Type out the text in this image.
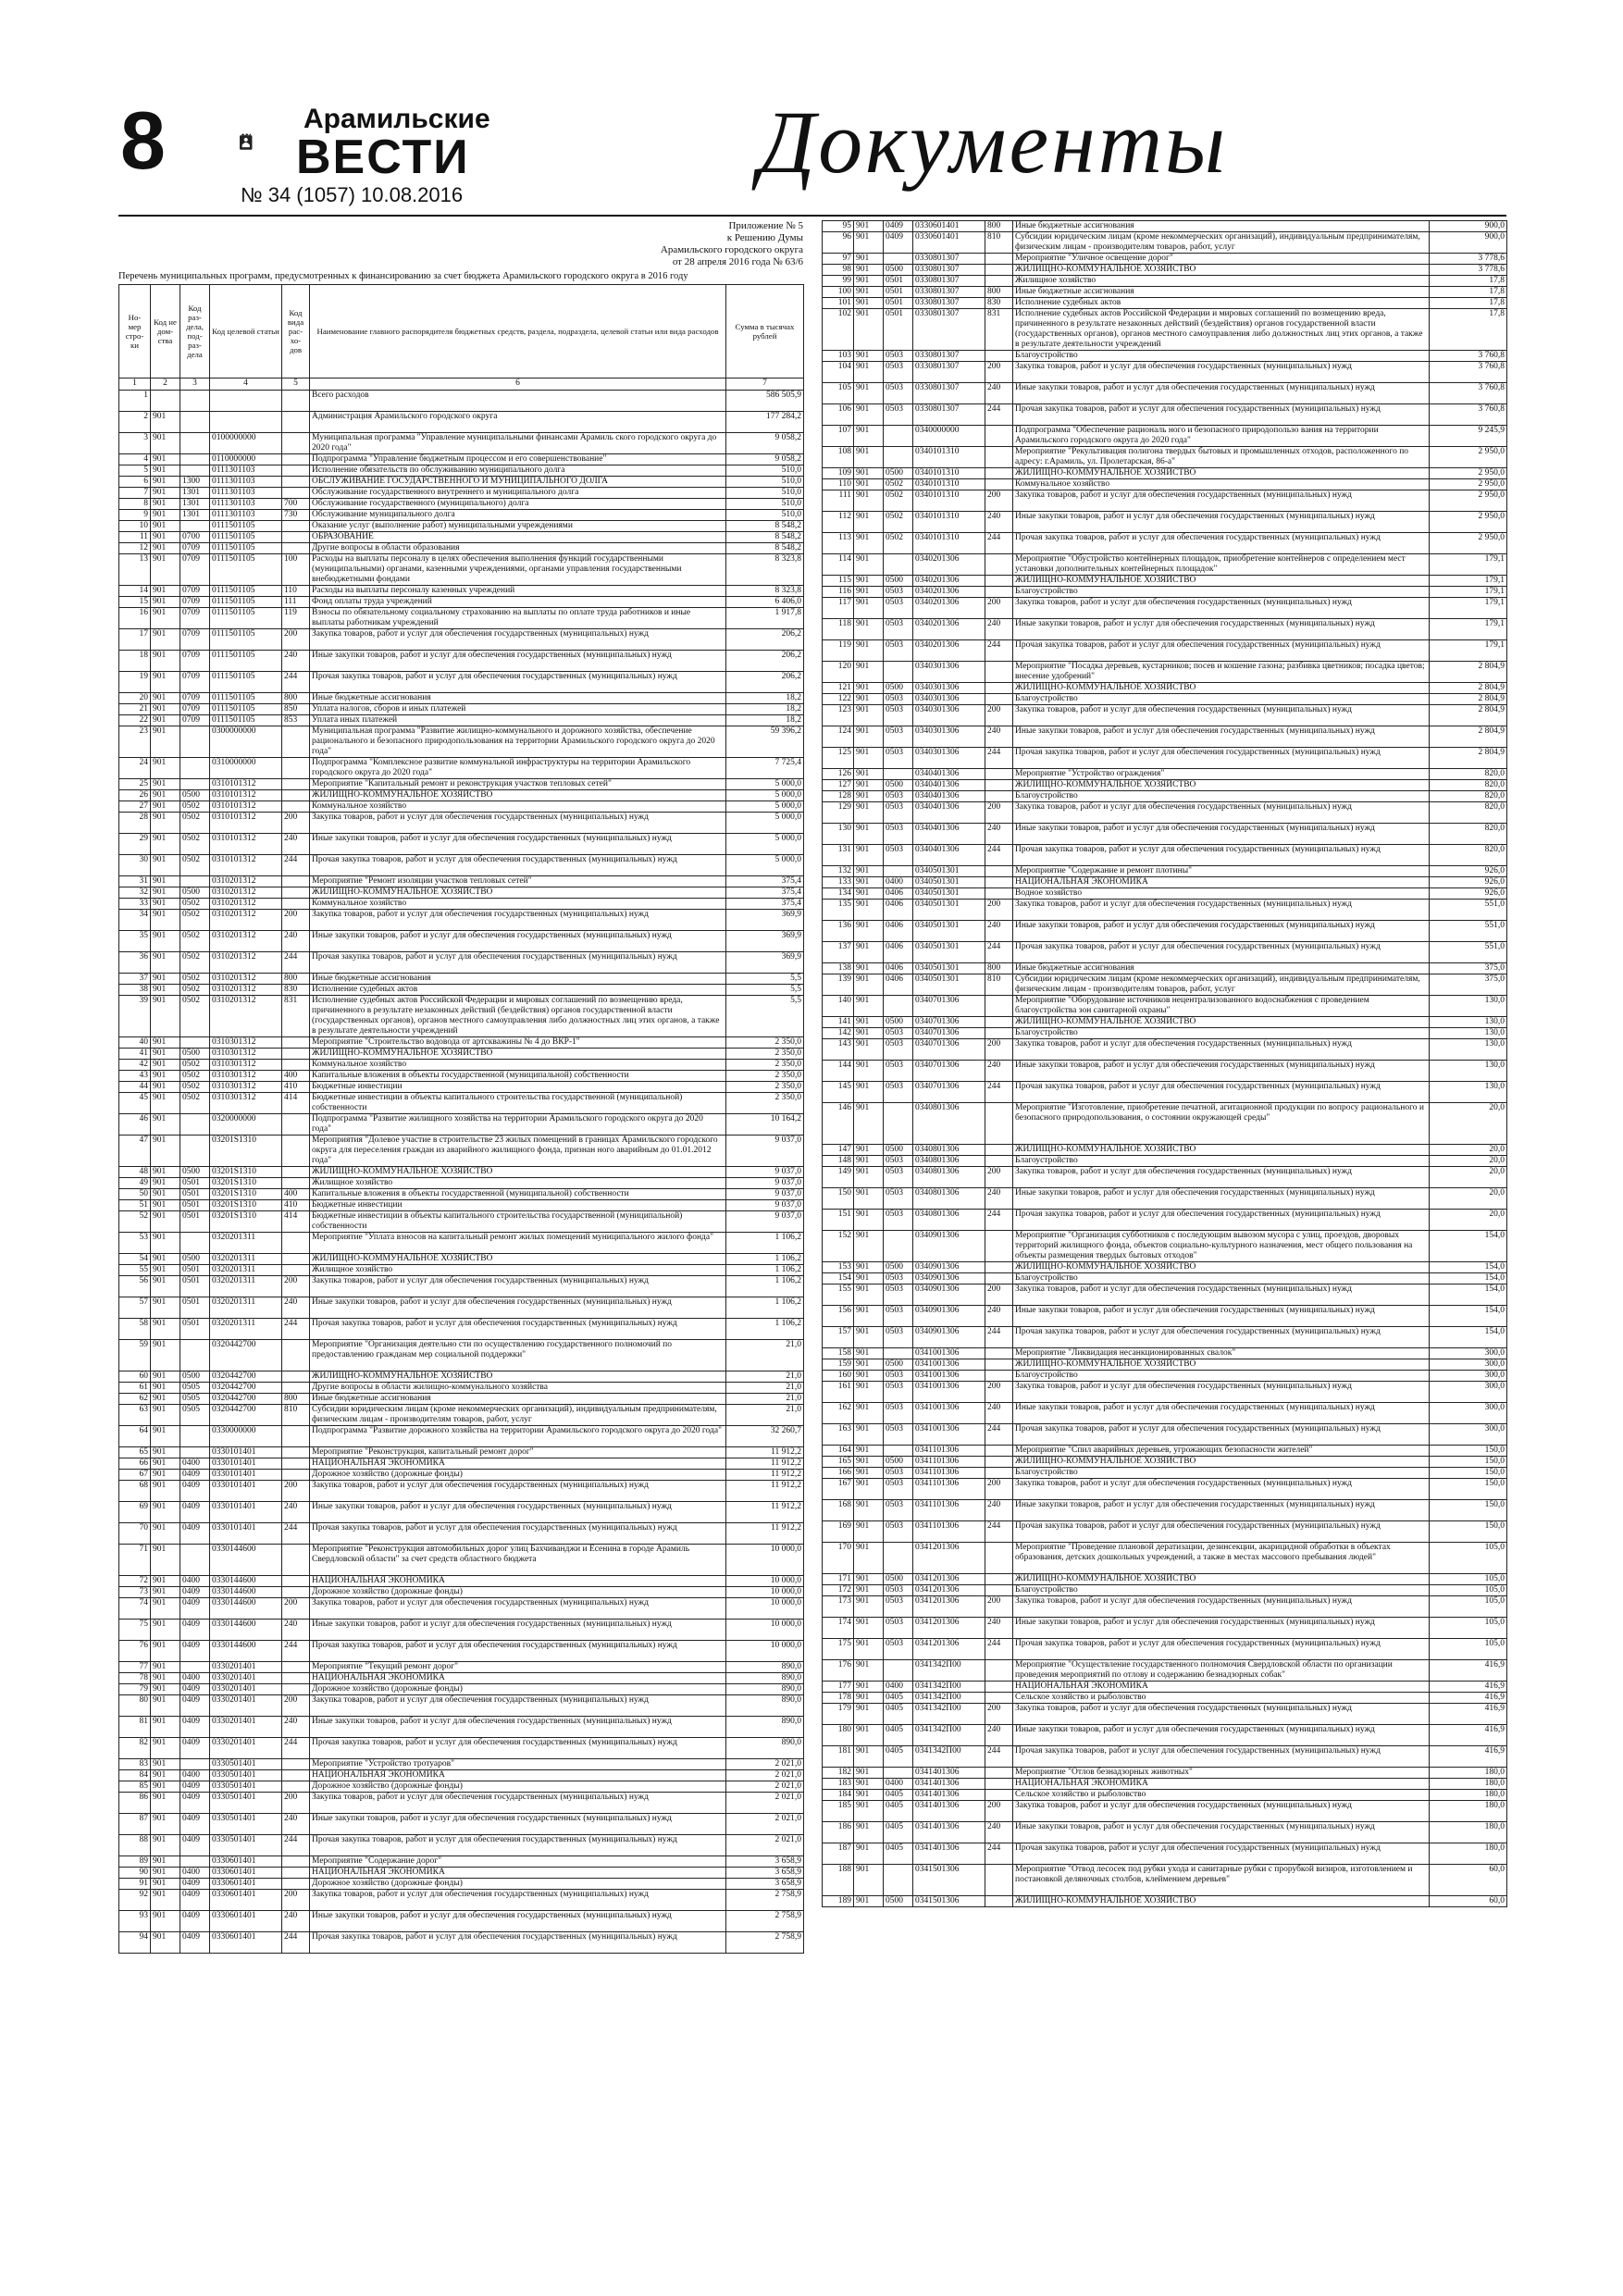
8	Арамильские
ВЕСТИ
№ 34 (1057) 10.08.2016
Документы
Приложение № 5
к Решению Думы
Арамильского городского округа
от 28 апреля 2016 года № 63/6
Перечень муниципальных программ, предусмотренных к финансированию за счет бюджета Арамильского городского округа в 2016 году
Но- мер стро- ки	Код не дом- ства	Код раз- дела, под- раз- дела	Код целевой статьи	Код вида рас- хо- дов	Наименование главного распорядителя бюджетных средств, раздела, подраздела, целевой статьи или вида расходов	Сумма в тысячах рублей
1	2	3	4	5	6	7
1					Всего расходов	586 505,9
2	901				Администрация Арамильского городского округа	177 284,2
3	901		0100000000		Муниципальная программа "Управление муниципальными финансами Арамиль ского городского округа до 2020 года"	9 058,2
4	901		0110000000		Подпрограмма "Управление бюджетным процессом и его совершенствование"	9 058,2
5	901		0111301103		Исполнение обязательств по обслуживанию муниципального долга	510,0
6	901	1300	0111301103		ОБСЛУЖИВАНИЕ ГОСУДАРСТВЕННОГО И МУНИЦИПАЛЬНОГО ДОЛГА	510,0
7	901	1301	0111301103		Обслуживание государственного внутреннего и муниципального долга	510,0
8	901	1301	0111301103	700	Обслуживание государственного (муниципального) долга	510,0
9	901	1301	0111301103	730	Обслуживание муниципального долга	510,0
10	901		0111501105		Оказание услуг (выполнение работ) муниципальными учреждениями	8 548,2
11	901	0700	0111501105		ОБРАЗОВАНИЕ	8 548,2
12	901	0709	0111501105		Другие вопросы в области образования	8 548,2
13	901	0709	0111501105	100	Расходы на выплаты персоналу в целях обеспечения выполнения функций государственными (муниципальными) органами, казенными учреждениями, органами управления государственными внебюджетными фондами	8 323,8
14	901	0709	0111501105	110	Расходы на выплаты персоналу казенных учреждений	8 323,8
15	901	0709	0111501105	111	Фонд оплаты труда учреждений	6 406,0
16	901	0709	0111501105	119	Взносы по обязательному социальному страхованию на выплаты по оплате труда работников и иные выплаты работникам учреждений	1 917,8
17	901	0709	0111501105	200	Закупка товаров, работ и услуг для обеспечения государственных (муниципальных) нужд	206,2
18	901	0709	0111501105	240	Иные закупки товаров, работ и услуг для обеспечения государственных (муниципальных) нужд	206,2
19	901	0709	0111501105	244	Прочая закупка товаров, работ и услуг для обеспечения государственных (муниципальных) нужд	206,2
20	901	0709	0111501105	800	Иные бюджетные ассигнования	18,2
21	901	0709	0111501105	850	Уплата налогов, сборов и иных платежей	18,2
22	901	0709	0111501105	853	Уплата иных платежей	18,2
23	901		0300000000		Муниципальная программа "Развитие жилищно-коммунального и дорожного хозяйства, обеспечение рационального и безопасного природопользования на территории Арамильского городского округа до 2020 года"	59 396,2
24	901		0310000000		Подпрограмма "Комплексное развитие коммунальной инфраструктуры на территории Арамильского городского округа до 2020 года"	7 725,4
25	901		0310101312		Мероприятие "Капитальный ремонт и реконструкция участков тепловых сетей"	5 000,0
26	901	0500	0310101312		ЖИЛИЩНО-КОММУНАЛЬНОЕ ХОЗЯЙСТВО	5 000,0
27	901	0502	0310101312		Коммунальное хозяйство	5 000,0
28	901	0502	0310101312	200	Закупка товаров, работ и услуг для обеспечения государственных (муниципальных) нужд	5 000,0
29	901	0502	0310101312	240	Иные закупки товаров, работ и услуг для обеспечения государственных (муниципальных) нужд	5 000,0
30	901	0502	0310101312	244	Прочая закупка товаров, работ и услуг для обеспечения государственных (муниципальных) нужд	5 000,0
31	901		0310201312		Мероприятие "Ремонт изоляции участков тепловых сетей"	375,4
32	901	0500	0310201312		ЖИЛИЩНО-КОММУНАЛЬНОЕ ХОЗЯЙСТВО	375,4
33	901	0502	0310201312		Коммунальное хозяйство	375,4
34	901	0502	0310201312	200	Закупка товаров, работ и услуг для обеспечения государственных (муниципальных) нужд	369,9
35	901	0502	0310201312	240	Иные закупки товаров, работ и услуг для обеспечения государственных (муниципальных) нужд	369,9
36	901	0502	0310201312	244	Прочая закупка товаров, работ и услуг для обеспечения государственных (муниципальных) нужд	369,9
37	901	0502	0310201312	800	Иные бюджетные ассигнования	5,5
38	901	0502	0310201312	830	Исполнение судебных актов	5,5
39	901	0502	0310201312	831	Исполнение судебных актов Российской Федерации и мировых соглашений по возмещению вреда, причиненного в результате незаконных действий (бездействия) органов государственной власти (государственных органов), органов местного самоуправления либо должностных лиц этих органов, а также в результате деятельности учреждений	5,5
40	901		0310301312		Мероприятие "Строительство водовода от артскважины № 4 до ВКР-1"	2 350,0
41	901	0500	0310301312		ЖИЛИЩНО-КОММУНАЛЬНОЕ ХОЗЯЙСТВО	2 350,0
42	901	0502	0310301312		Коммунальное хозяйство	2 350,0
43	901	0502	0310301312	400	Капитальные вложения в объекты государственной (муниципальной) собственности	2 350,0
44	901	0502	0310301312	410	Бюджетные инвестиции	2 350,0
45	901	0502	0310301312	414	Бюджетные инвестиции в объекты капитального строительства государственной (муниципальной) собственности	2 350,0
46	901		0320000000		Подпрограмма "Развитие жилищного хозяйства на территории Арамильского городского округа до 2020 года"	10 164,2
47	901		03201S1310		Мероприятия "Долевое участие в строительстве 23 жилых помещений в границах Арамильского городского округа для переселения граждан из аварийного жилищного фонда, признан ного аварийным до 01.01.2012 года"	9 037,0
48	901	0500	03201S1310		ЖИЛИЩНО-КОММУНАЛЬНОЕ ХОЗЯЙСТВО	9 037,0
49	901	0501	03201S1310		Жилищное хозяйство	9 037,0
50	901	0501	03201S1310	400	Капитальные вложения в объекты государственной (муниципальной) собственности	9 037,0
51	901	0501	03201S1310	410	Бюджетные инвестиции	9 037,0
52	901	0501	03201S1310	414	Бюджетные инвестиции в объекты капитального строительства государственной (муниципальной) собственности	9 037,0
53	901		0320201311		Мероприятие "Уплата взносов на капитальный ремонт жилых помещений муниципального жилого фонда"	1 106,2
54	901	0500	0320201311		ЖИЛИЩНО-КОММУНАЛЬНОЕ ХОЗЯЙСТВО	1 106,2
55	901	0501	0320201311		Жилищное хозяйство	1 106,2
56	901	0501	0320201311	200	Закупка товаров, работ и услуг для обеспечения государственных (муниципальных) нужд	1 106,2
57	901	0501	0320201311	240	Иные закупки товаров, работ и услуг для обеспечения государственных (муниципальных) нужд	1 106,2
58	901	0501	0320201311	244	Прочая закупка товаров, работ и услуг для обеспечения государственных (муниципальных) нужд	1 106,2
59	901		0320442700		Мероприятие "Организация деятельно сти по осуществлению государственного полномочий по предоставлению гражданам мер социальной поддержки"	21,0
60	901	0500	0320442700		ЖИЛИЩНО-КОММУНАЛЬНОЕ ХОЗЯЙСТВО	21,0
61	901	0505	0320442700		Другие вопросы в области жилищно-коммунального хозяйства	21,0
62	901	0505	0320442700	800	Иные бюджетные ассигнования	21,0
63	901	0505	0320442700	810	Субсидии юридическим лицам (кроме некоммерческих организаций), индивидуальным предпринимателям, физическим лицам - производителям товаров, работ, услуг	21,0
64	901		0330000000		Подпрограмма "Развитие дорожного хозяйства на территории Арамильского городского округа до 2020 года"	32 260,7
65	901		0330101401		Мероприятие "Реконструкция, капитальный ремонт дорог"	11 912,2
66	901	0400	0330101401		НАЦИОНАЛЬНАЯ ЭКОНОМИКА	11 912,2
67	901	0409	0330101401		Дорожное хозяйство (дорожные фонды)	11 912,2
68	901	0409	0330101401	200	Закупка товаров, работ и услуг для обеспечения государственных (муниципальных) нужд	11 912,2
69	901	0409	0330101401	240	Иные закупки товаров, работ и услуг для обеспечения государственных (муниципальных) нужд	11 912,2
70	901	0409	0330101401	244	Прочая закупка товаров, работ и услуг для обеспечения государственных (муниципальных) нужд	11 912,2
71	901		0330144600		Мероприятие "Реконструкция автомобильных дорог улиц Бахчиванджи и Есенина в городе Арамиль Свердловской области" за счет средств областного бюджета	10 000,0
72	901	0400	0330144600		НАЦИОНАЛЬНАЯ ЭКОНОМИКА	10 000,0
73	901	0409	0330144600		Дорожное хозяйство (дорожные фонды)	10 000,0
74	901	0409	0330144600	200	Закупка товаров, работ и услуг для обеспечения государственных (муниципальных) нужд	10 000,0
75	901	0409	0330144600	240	Иные закупки товаров, работ и услуг для обеспечения государственных (муниципальных) нужд	10 000,0
76	901	0409	0330144600	244	Прочая закупка товаров, работ и услуг для обеспечения государственных (муниципальных) нужд	10 000,0
77	901		0330201401		Мероприятие "Текущий ремонт дорог"	890,0
78	901	0400	0330201401		НАЦИОНАЛЬНАЯ ЭКОНОМИКА	890,0
79	901	0409	0330201401		Дорожное хозяйство (дорожные фонды)	890,0
80	901	0409	0330201401	200	Закупка товаров, работ и услуг для обеспечения государственных (муниципальных) нужд	890,0
81	901	0409	0330201401	240	Иные закупки товаров, работ и услуг для обеспечения государственных (муниципальных) нужд	890,0
82	901	0409	0330201401	244	Прочая закупка товаров, работ и услуг для обеспечения государственных (муниципальных) нужд	890,0
83	901		0330501401		Мероприятие "Устройство тротуаров"	2 021,0
84	901	0400	0330501401		НАЦИОНАЛЬНАЯ ЭКОНОМИКА	2 021,0
85	901	0409	0330501401		Дорожное хозяйство (дорожные фонды)	2 021,0
86	901	0409	0330501401	200	Закупка товаров, работ и услуг для обеспечения государственных (муниципальных) нужд	2 021,0
87	901	0409	0330501401	240	Иные закупки товаров, работ и услуг для обеспечения государственных (муниципальных) нужд	2 021,0
88	901	0409	0330501401	244	Прочая закупка товаров, работ и услуг для обеспечения государственных (муниципальных) нужд	2 021,0
89	901		0330601401		Мероприятие "Содержание дорог"	3 658,9
90	901	0400	0330601401		НАЦИОНАЛЬНАЯ ЭКОНОМИКА	3 658,9
91	901	0409	0330601401		Дорожное хозяйство (дорожные фонды)	3 658,9
92	901	0409	0330601401	200	Закупка товаров, работ и услуг для обеспечения государственных (муниципальных) нужд	2 758,9
93	901	0409	0330601401	240	Иные закупки товаров, работ и услуг для обеспечения государственных (муниципальных) нужд	2 758,9
94	901	0409	0330601401	244	Прочая закупка товаров, работ и услуг для обеспечения государственных (муниципальных) нужд	2 758,9
95	901	0409	0330601401	800	Иные бюджетные ассигнования	900,0
96	901	0409	0330601401	810	Субсидии юридическим лицам (кроме некоммерческих организаций), индивидуальным предпринимателям, физическим лицам - производителям товаров, работ, услуг	900,0
97	901		0330801307		Мероприятие "Уличное освещение дорог"	3 778,6
98	901	0500	0330801307		ЖИЛИЩНО-КОММУНАЛЬНОЕ ХОЗЯЙСТВО	3 778,6
99	901	0501	0330801307		Жилищное хозяйство	17,8
100	901	0501	0330801307	800	Иные бюджетные ассигнования	17,8
101	901	0501	0330801307	830	Исполнение судебных актов	17,8
102	901	0501	0330801307	831	Исполнение судебных актов Российской Федерации и мировых соглашений по возмещению вреда, причиненного в результате незаконных действий (бездействия) органов государственной власти (государственных органов), органов местного самоуправления либо должностных лиц этих органов, а также в результате деятельности учреждений	17,8
103	901	0503	0330801307		Благоустройство	3 760,8
104	901	0503	0330801307	200	Закупка товаров, работ и услуг для обеспечения государственных (муниципальных) нужд	3 760,8
105	901	0503	0330801307	240	Иные закупки товаров, работ и услуг для обеспечения государственных (муниципальных) нужд	3 760,8
106	901	0503	0330801307	244	Прочая закупка товаров, работ и услуг для обеспечения государственных (муниципальных) нужд	3 760,8
107	901		0340000000		Подпрограмма "Обеспечение рациональ ного и безопасного природопользо вания на территории Арамильского городского округа до 2020 года"	9 245,9
108	901		0340101310		Мероприятие "Рекультивация полигона твердых бытовых и промышленных отходов, расположенного по адресу: г.Арамиль, ул. Пролетарская, 86-а"	2 950,0
109	901	0500	0340101310		ЖИЛИЩНО-КОММУНАЛЬНОЕ ХОЗЯЙСТВО	2 950,0
110	901	0502	0340101310		Коммунальное хозяйство	2 950,0
111	901	0502	0340101310	200	Закупка товаров, работ и услуг для обеспечения государственных (муниципальных) нужд	2 950,0
112	901	0502	0340101310	240	Иные закупки товаров, работ и услуг для обеспечения государственных (муниципальных) нужд	2 950,0
113	901	0502	0340101310	244	Прочая закупка товаров, работ и услуг для обеспечения государственных (муниципальных) нужд	2 950,0
114	901		0340201306		Мероприятие "Обустройство контейнерных площадок, приобретение контейнеров с определением мест установки дополнительных контейнерных площадок"	179,1
115	901	0500	0340201306		ЖИЛИЩНО-КОММУНАЛЬНОЕ ХОЗЯЙСТВО	179,1
116	901	0503	0340201306		Благоустройство	179,1
117	901	0503	0340201306	200	Закупка товаров, работ и услуг для обеспечения государственных (муниципальных) нужд	179,1
118	901	0503	0340201306	240	Иные закупки товаров, работ и услуг для обеспечения государственных (муниципальных) нужд	179,1
119	901	0503	0340201306	244	Прочая закупка товаров, работ и услуг для обеспечения государственных (муниципальных) нужд	179,1
120	901		0340301306		Мероприятие "Посадка деревьев, кустарников; посев и кошение газона; разбивка цветников; посадка цветов; внесение удобрений"	2 804,9
121	901	0500	0340301306		ЖИЛИЩНО-КОММУНАЛЬНОЕ ХОЗЯЙСТВО	2 804,9
122	901	0503	0340301306		Благоустройство	2 804,9
123	901	0503	0340301306	200	Закупка товаров, работ и услуг для обеспечения государственных (муниципальных) нужд	2 804,9
124	901	0503	0340301306	240	Иные закупки товаров, работ и услуг для обеспечения государственных (муниципальных) нужд	2 804,9
125	901	0503	0340301306	244	Прочая закупка товаров, работ и услуг для обеспечения государственных (муниципальных) нужд	2 804,9
126	901		0340401306		Мероприятие "Устройство ограждения"	820,0
127	901	0500	0340401306		ЖИЛИЩНО-КОММУНАЛЬНОЕ ХОЗЯЙСТВО	820,0
128	901	0503	0340401306		Благоустройство	820,0
129	901	0503	0340401306	200	Закупка товаров, работ и услуг для обеспечения государственных (муниципальных) нужд	820,0
130	901	0503	0340401306	240	Иные закупки товаров, работ и услуг для обеспечения государственных (муниципальных) нужд	820,0
131	901	0503	0340401306	244	Прочая закупка товаров, работ и услуг для обеспечения государственных (муниципальных) нужд	820,0
132	901		0340501301		Мероприятие "Содержание и ремонт плотины"	926,0
133	901	0400	0340501301		НАЦИОНАЛЬНАЯ ЭКОНОМИКА	926,0
134	901	0406	0340501301		Водное хозяйство	926,0
135	901	0406	0340501301	200	Закупка товаров, работ и услуг для обеспечения государственных (муниципальных) нужд	551,0
136	901	0406	0340501301	240	Иные закупки товаров, работ и услуг для обеспечения государственных (муниципальных) нужд	551,0
137	901	0406	0340501301	244	Прочая закупка товаров, работ и услуг для обеспечения государственных (муниципальных) нужд	551,0
138	901	0406	0340501301	800	Иные бюджетные ассигнования	375,0
139	901	0406	0340501301	810	Субсидии юридическим лицам (кроме некоммерческих организаций), индивидуальным предпринимателям, физическим лицам - производителям товаров, работ, услуг	375,0
140	901		0340701306		Мероприятие "Оборудование источников нецентрализованного водоснабжения с проведением благоустройства зон санитарной охраны"	130,0
141	901	0500	0340701306		ЖИЛИЩНО-КОММУНАЛЬНОЕ ХОЗЯЙСТВО	130,0
142	901	0503	0340701306		Благоустройство	130,0
143	901	0503	0340701306	200	Закупка товаров, работ и услуг для обеспечения государственных (муниципальных) нужд	130,0
144	901	0503	0340701306	240	Иные закупки товаров, работ и услуг для обеспечения государственных (муниципальных) нужд	130,0
145	901	0503	0340701306	244	Прочая закупка товаров, работ и услуг для обеспечения государственных (муниципальных) нужд	130,0
146	901		0340801306		Мероприятие "Изготовление, приобретение печатной, агитационной продукции по вопросу рационального и безопасного природопользования, о состоянии окружающей среды"	20,0
147	901	0500	0340801306		ЖИЛИЩНО-КОММУНАЛЬНОЕ ХОЗЯЙСТВО	20,0
148	901	0503	0340801306		Благоустройство	20,0
149	901	0503	0340801306	200	Закупка товаров, работ и услуг для обеспечения государственных (муниципальных) нужд	20,0
150	901	0503	0340801306	240	Иные закупки товаров, работ и услуг для обеспечения государственных (муниципальных) нужд	20,0
151	901	0503	0340801306	244	Прочая закупка товаров, работ и услуг для обеспечения государственных (муниципальных) нужд	20,0
152	901		0340901306		Мероприятие "Организация субботников с последующим вывозом мусора с улиц, проездов, дворовых территорий жилищного фонда, объектов социально-культурного назначения, мест общего пользования на объекты размещения твердых бытовых отходов"	154,0
153	901	0500	0340901306		ЖИЛИЩНО-КОММУНАЛЬНОЕ ХОЗЯЙСТВО	154,0
154	901	0503	0340901306		Благоустройство	154,0
155	901	0503	0340901306	200	Закупка товаров, работ и услуг для обеспечения государственных (муниципальных) нужд	154,0
156	901	0503	0340901306	240	Иные закупки товаров, работ и услуг для обеспечения государственных (муниципальных) нужд	154,0
157	901	0503	0340901306	244	Прочая закупка товаров, работ и услуг для обеспечения государственных (муниципальных) нужд	154,0
158	901		0341001306		Мероприятие "Ликвидация несанкционированных свалок"	300,0
159	901	0500	0341001306		ЖИЛИЩНО-КОММУНАЛЬНОЕ ХОЗЯЙСТВО	300,0
160	901	0503	0341001306		Благоустройство	300,0
161	901	0503	0341001306	200	Закупка товаров, работ и услуг для обеспечения государственных (муниципальных) нужд	300,0
162	901	0503	0341001306	240	Иные закупки товаров, работ и услуг для обеспечения государственных (муниципальных) нужд	300,0
163	901	0503	0341001306	244	Прочая закупка товаров, работ и услуг для обеспечения государственных (муниципальных) нужд	300,0
164	901		0341101306		Мероприятие "Спил аварийных деревьев, угрожающих безопасности жителей"	150,0
165	901	0500	0341101306		ЖИЛИЩНО-КОММУНАЛЬНОЕ ХОЗЯЙСТВО	150,0
166	901	0503	0341101306		Благоустройство	150,0
167	901	0503	0341101306	200	Закупка товаров, работ и услуг для обеспечения государственных (муниципальных) нужд	150,0
168	901	0503	0341101306	240	Иные закупки товаров, работ и услуг для обеспечения государственных (муниципальных) нужд	150,0
169	901	0503	0341101306	244	Прочая закупка товаров, работ и услуг для обеспечения государственных (муниципальных) нужд	150,0
170	901		0341201306		Мероприятие "Проведение плановой дератизации, дезинсекции, акарицидной обработки в объектах образования, детских дошкольных учреждений, а также в местах массового пребывания людей"	105,0
171	901	0500	0341201306		ЖИЛИЩНО-КОММУНАЛЬНОЕ ХОЗЯЙСТВО	105,0
172	901	0503	0341201306		Благоустройство	105,0
173	901	0503	0341201306	200	Закупка товаров, работ и услуг для обеспечения государственных (муниципальных) нужд	105,0
174	901	0503	0341201306	240	Иные закупки товаров, работ и услуг для обеспечения государственных (муниципальных) нужд	105,0
175	901	0503	0341201306	244	Прочая закупка товаров, работ и услуг для обеспечения государственных (муниципальных) нужд	105,0
176	901		0341342П00		Мероприятие "Осуществление государственного полномочия Свердловской области по организации проведения мероприятий по отлову и содержанию безнадзорных собак"	416,9
177	901	0400	0341342П00		НАЦИОНАЛЬНАЯ ЭКОНОМИКА	416,9
178	901	0405	0341342П00		Сельское хозяйство и рыболовство	416,9
179	901	0405	0341342П00	200	Закупка товаров, работ и услуг для обеспечения государственных (муниципальных) нужд	416,9
180	901	0405	0341342П00	240	Иные закупки товаров, работ и услуг для обеспечения государственных (муниципальных) нужд	416,9
181	901	0405	0341342П00	244	Прочая закупка товаров, работ и услуг для обеспечения государственных (муниципальных) нужд	416,9
182	901		0341401306		Мероприятие "Отлов безнадзорных животных"	180,0
183	901	0400	0341401306		НАЦИОНАЛЬНАЯ ЭКОНОМИКА	180,0
184	901	0405	0341401306		Сельское хозяйство и рыболовство	180,0
185	901	0405	0341401306	200	Закупка товаров, работ и услуг для обеспечения государственных (муниципальных) нужд	180,0
186	901	0405	0341401306	240	Иные закупки товаров, работ и услуг для обеспечения государственных (муниципальных) нужд	180,0
187	901	0405	0341401306	244	Прочая закупка товаров, работ и услуг для обеспечения государственных (муниципальных) нужд	180,0
188	901		0341501306		Мероприятие "Отвод лесосек под рубки ухода и санитарные рубки с прорубкой визиров, изготовлением и постановкой деляночных столбов, клеймением деревьев"	60,0
189	901	0500	0341501306		ЖИЛИЩНО-КОММУНАЛЬНОЕ ХОЗЯЙСТВО	60,0
